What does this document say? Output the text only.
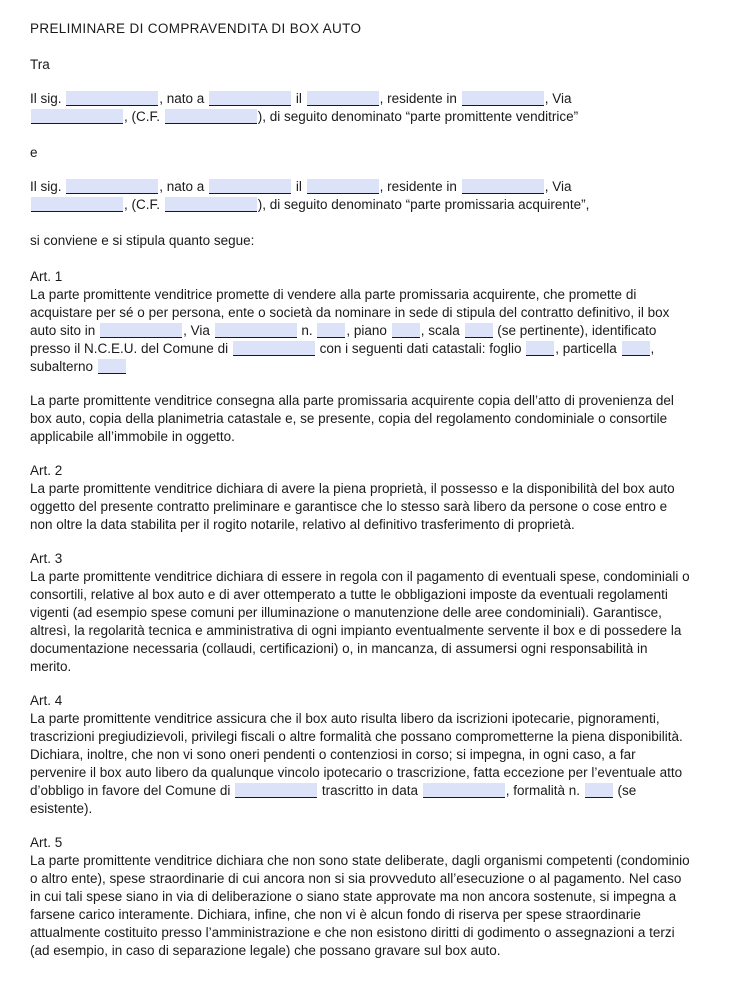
PRELIMINARE DI COMPRAVENDITA DI BOX AUTO

Tra

Il sig.	, nato a	il	, residente in	, Via
, (C.F.	), di seguito denominato “parte promittente venditrice”

e

Il sig.	, nato a	il	, residente in	, Via
, (C.F.	), di seguito denominato “parte promissaria acquirente”,

si conviene e si stipula quanto segue:

Art. 1

La parte promittente venditrice promette di vendere alla parte promissaria acquirente, che promette di acquistare per sé o per persona, ente o società da nominare in sede di stipula del contratto definitivo, il box auto sito in	, Via	n.	, piano	, scala	(se pertinente), identificato presso il N.C.E.U. del Comune di	con i seguenti dati catastali: foglio	, particella	, subalterno

La parte promittente venditrice consegna alla parte promissaria acquirente copia dell’atto di provenienza del box auto, copia della planimetria catastale e, se presente, copia del regolamento condominiale o consortile applicabile all’immobile in oggetto.

Art. 2

La parte promittente venditrice dichiara di avere la piena proprietà, il possesso e la disponibilità del box auto oggetto del presente contratto preliminare e garantisce che lo stesso sarà libero da persone o cose entro e non oltre la data stabilita per il rogito notarile, relativo al definitivo trasferimento di proprietà.

Art. 3

La parte promittente venditrice dichiara di essere in regola con il pagamento di eventuali spese, condominiali o consortili, relative al box auto e di aver ottemperato a tutte le obbligazioni imposte da eventuali regolamenti vigenti (ad esempio spese comuni per illuminazione o manutenzione delle aree condominiali). Garantisce, altresì, la regolarità tecnica e amministrativa di ogni impianto eventualmente servente il box e di possedere la documentazione necessaria (collaudi, certificazioni) o, in mancanza, di assumersi ogni responsabilità in merito.

Art. 4

La parte promittente venditrice assicura che il box auto risulta libero da iscrizioni ipotecarie, pignoramenti, trascrizioni pregiudizievoli, privilegi fiscali o altre formalità che possano comprometterne la piena disponibilità. Dichiara, inoltre, che non vi sono oneri pendenti o contenziosi in corso; si impegna, in ogni caso, a far pervenire il box auto libero da qualunque vincolo ipotecario o trascrizione, fatta eccezione per l’eventuale atto d’obbligo in favore del Comune di	trascritto in data	, formalità n.	(se esistente).

Art. 5

La parte promittente venditrice dichiara che non sono state deliberate, dagli organismi competenti (condominio o altro ente), spese straordinarie di cui ancora non si sia provveduto all’esecuzione o al pagamento. Nel caso in cui tali spese siano in via di deliberazione o siano state approvate ma non ancora sostenute, si impegna a farsene carico interamente. Dichiara, infine, che non vi è alcun fondo di riserva per spese straordinarie attualmente costituito presso l’amministrazione e che non esistono diritti di godimento o assegnazioni a terzi (ad esempio, in caso di separazione legale) che possano gravare sul box auto.
